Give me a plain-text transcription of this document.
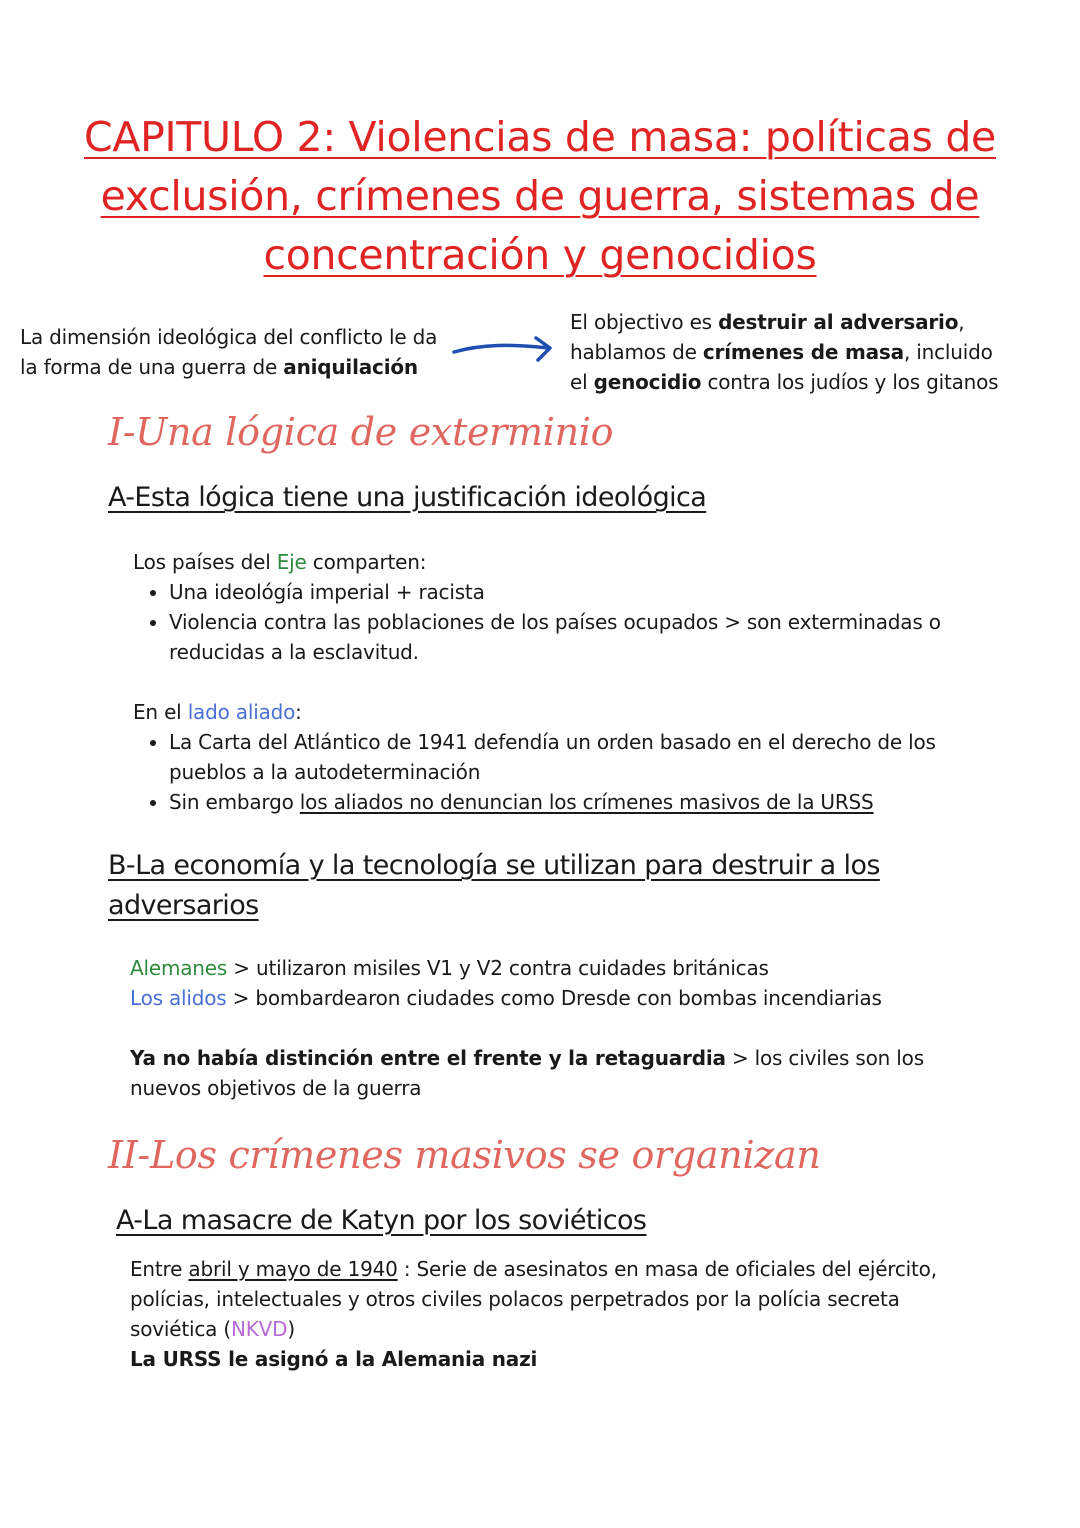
CAPITULO 2: Violencias de masa: políticas de
exclusión, crímenes de guerra, sistemas de
concentración y genocidios
La dimensión ideológica del conflicto le da
la forma de una guerra de aniquilación
El objectivo es destruir al adversario,
hablamos de crímenes de masa, incluido
el genocidio contra los judíos y los gitanos
I-Una lógica de exterminio
A-Esta lógica tiene una justificación ideológica
Los países del Eje comparten:
• Una ideológía imperial + racista
• Violencia contra las poblaciones de los países ocupados > son exterminadas o reducidas a la esclavitud.
En el lado aliado:
• La Carta del Atlántico de 1941 defendía un orden basado en el derecho de los pueblos a la autodeterminación
• Sin embargo los aliados no denuncian los crímenes masivos de la URSS
B-La economía y la tecnología se utilizan para destruir a los
adversarios
Alemanes > utilizaron misiles V1 y V2 contra cuidades británicas
Los alidos > bombardearon ciudades como Dresde con bombas incendiarias
Ya no había distinción entre el frente y la retaguardia > los civiles son los
nuevos objetivos de la guerra
II-Los crímenes masivos se organizan
A-La masacre de Katyn por los soviéticos
Entre abril y mayo de 1940 : Serie de asesinatos en masa de oficiales del ejército,
polícias, intelectuales y otros civiles polacos perpetrados por la polícia secreta
soviética (NKVD)
La URSS le asignó a la Alemania nazi
